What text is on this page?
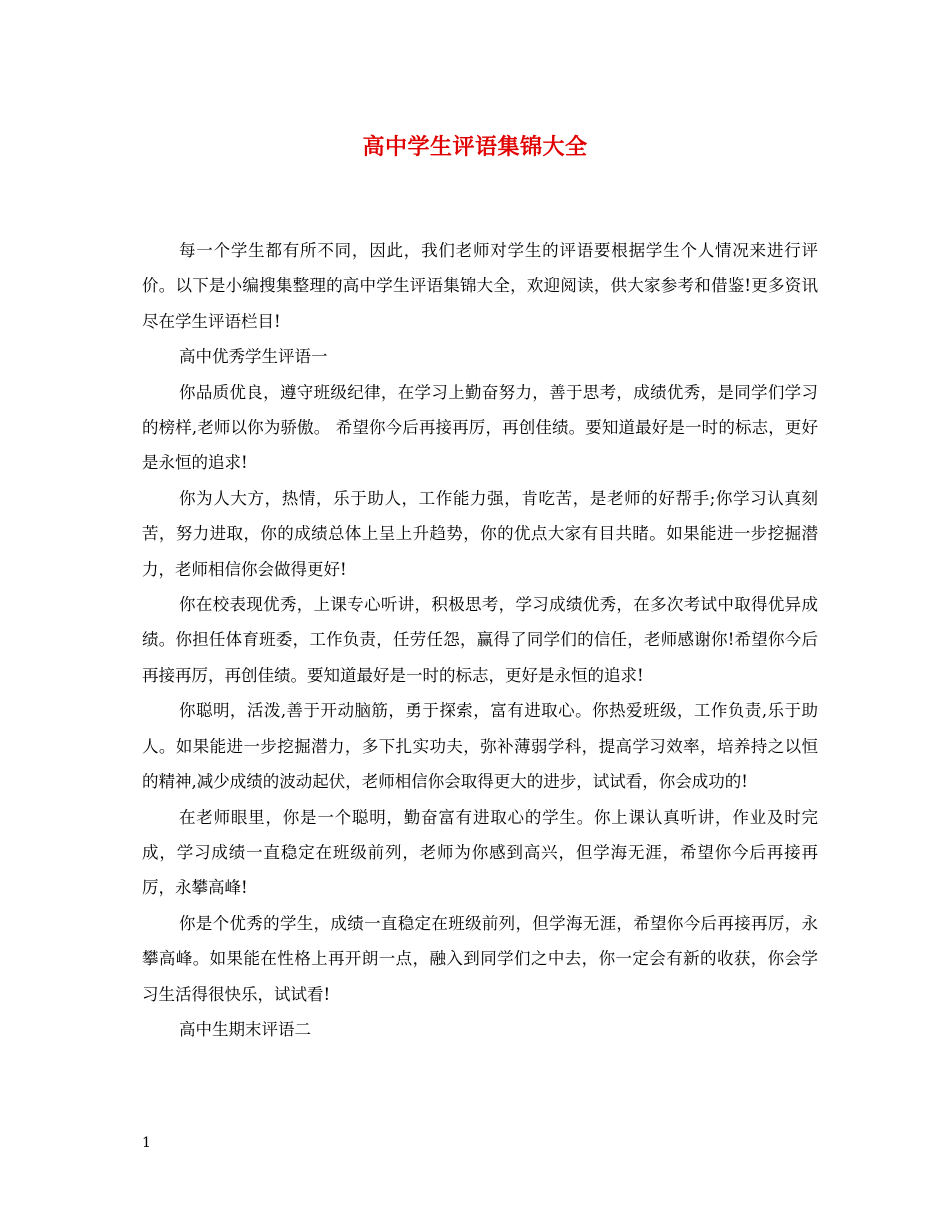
高中学生评语集锦大全

每一个学生都有所不同，因此，我们老师对学生的评语要根据学生个人情况来进行评价。以下是小编搜集整理的高中学生评语集锦大全，欢迎阅读，供大家参考和借鉴!更多资讯尽在学生评语栏目!

高中优秀学生评语一

你品质优良，遵守班级纪律，在学习上勤奋努力，善于思考，成绩优秀，是同学们学习的榜样,老师以你为骄傲。 希望你今后再接再厉，再创佳绩。要知道最好是一时的标志，更好是永恒的追求!

你为人大方，热情，乐于助人，工作能力强，肯吃苦，是老师的好帮手;你学习认真刻苦，努力进取，你的成绩总体上呈上升趋势，你的优点大家有目共睹。如果能进一步挖掘潜力，老师相信你会做得更好!

你在校表现优秀，上课专心听讲，积极思考，学习成绩优秀，在多次考试中取得优异成绩。你担任体育班委，工作负责，任劳任怨，赢得了同学们的信任，老师感谢你!希望你今后再接再厉，再创佳绩。要知道最好是一时的标志，更好是永恒的追求!

你聪明，活泼,善于开动脑筋，勇于探索，富有进取心。你热爱班级，工作负责,乐于助人。如果能进一步挖掘潜力，多下扎实功夫，弥补薄弱学科，提高学习效率，培养持之以恒的精神,减少成绩的波动起伏，老师相信你会取得更大的进步，试试看，你会成功的!

在老师眼里，你是一个聪明，勤奋富有进取心的学生。你上课认真听讲，作业及时完成，学习成绩一直稳定在班级前列，老师为你感到高兴，但学海无涯，希望你今后再接再厉，永攀高峰!

你是个优秀的学生，成绩一直稳定在班级前列，但学海无涯，希望你今后再接再厉，永攀高峰。如果能在性格上再开朗一点，融入到同学们之中去，你一定会有新的收获，你会学习生活得很快乐，试试看!

高中生期末评语二

1
